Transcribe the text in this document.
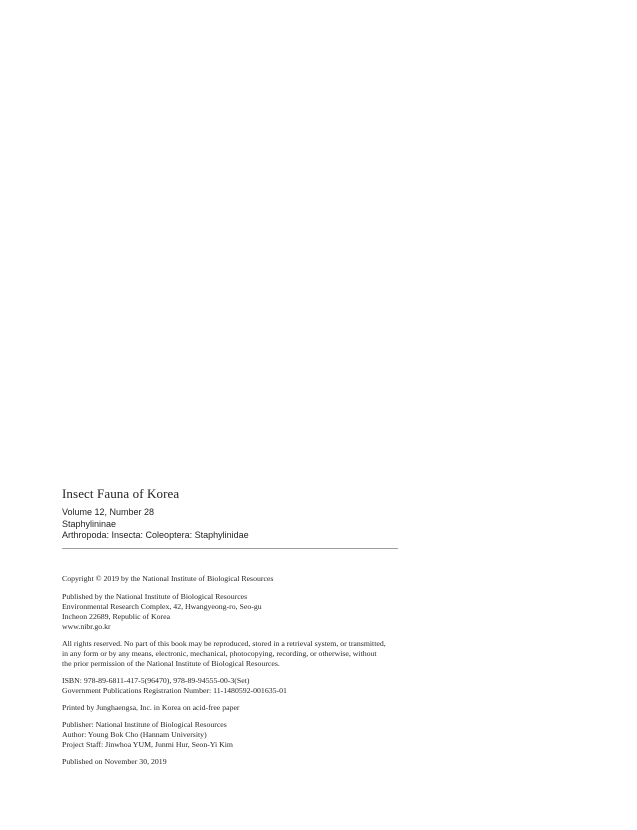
Insect Fauna of Korea
Volume 12, Number 28
Staphylininae
Arthropoda: Insecta: Coleoptera: Staphylinidae
Copyright © 2019 by the National Institute of Biological Resources
Published by the National Institute of Biological Resources
Environmental Research Complex, 42, Hwangyeong-ro, Seo-gu
Incheon 22689, Republic of Korea
www.nibr.go.kr
All rights reserved. No part of this book may be reproduced, stored in a retrieval system, or transmitted,
in any form or by any means, electronic, mechanical, photocopying, recording, or otherwise, without
the prior permission of the National Institute of Biological Resources.
ISBN: 978-89-6811-417-5(96470), 978-89-94555-00-3(Set)
Government Publications Registration Number: 11-1480592-001635-01
Printed by Junghaengsa, Inc. in Korea on acid-free paper
Publisher: National Institute of Biological Resources
Author: Young Bok Cho (Hannam University)
Project Staff: Jinwhoa YUM, Junmi Hur, Seon-Yi Kim
Published on November 30, 2019
